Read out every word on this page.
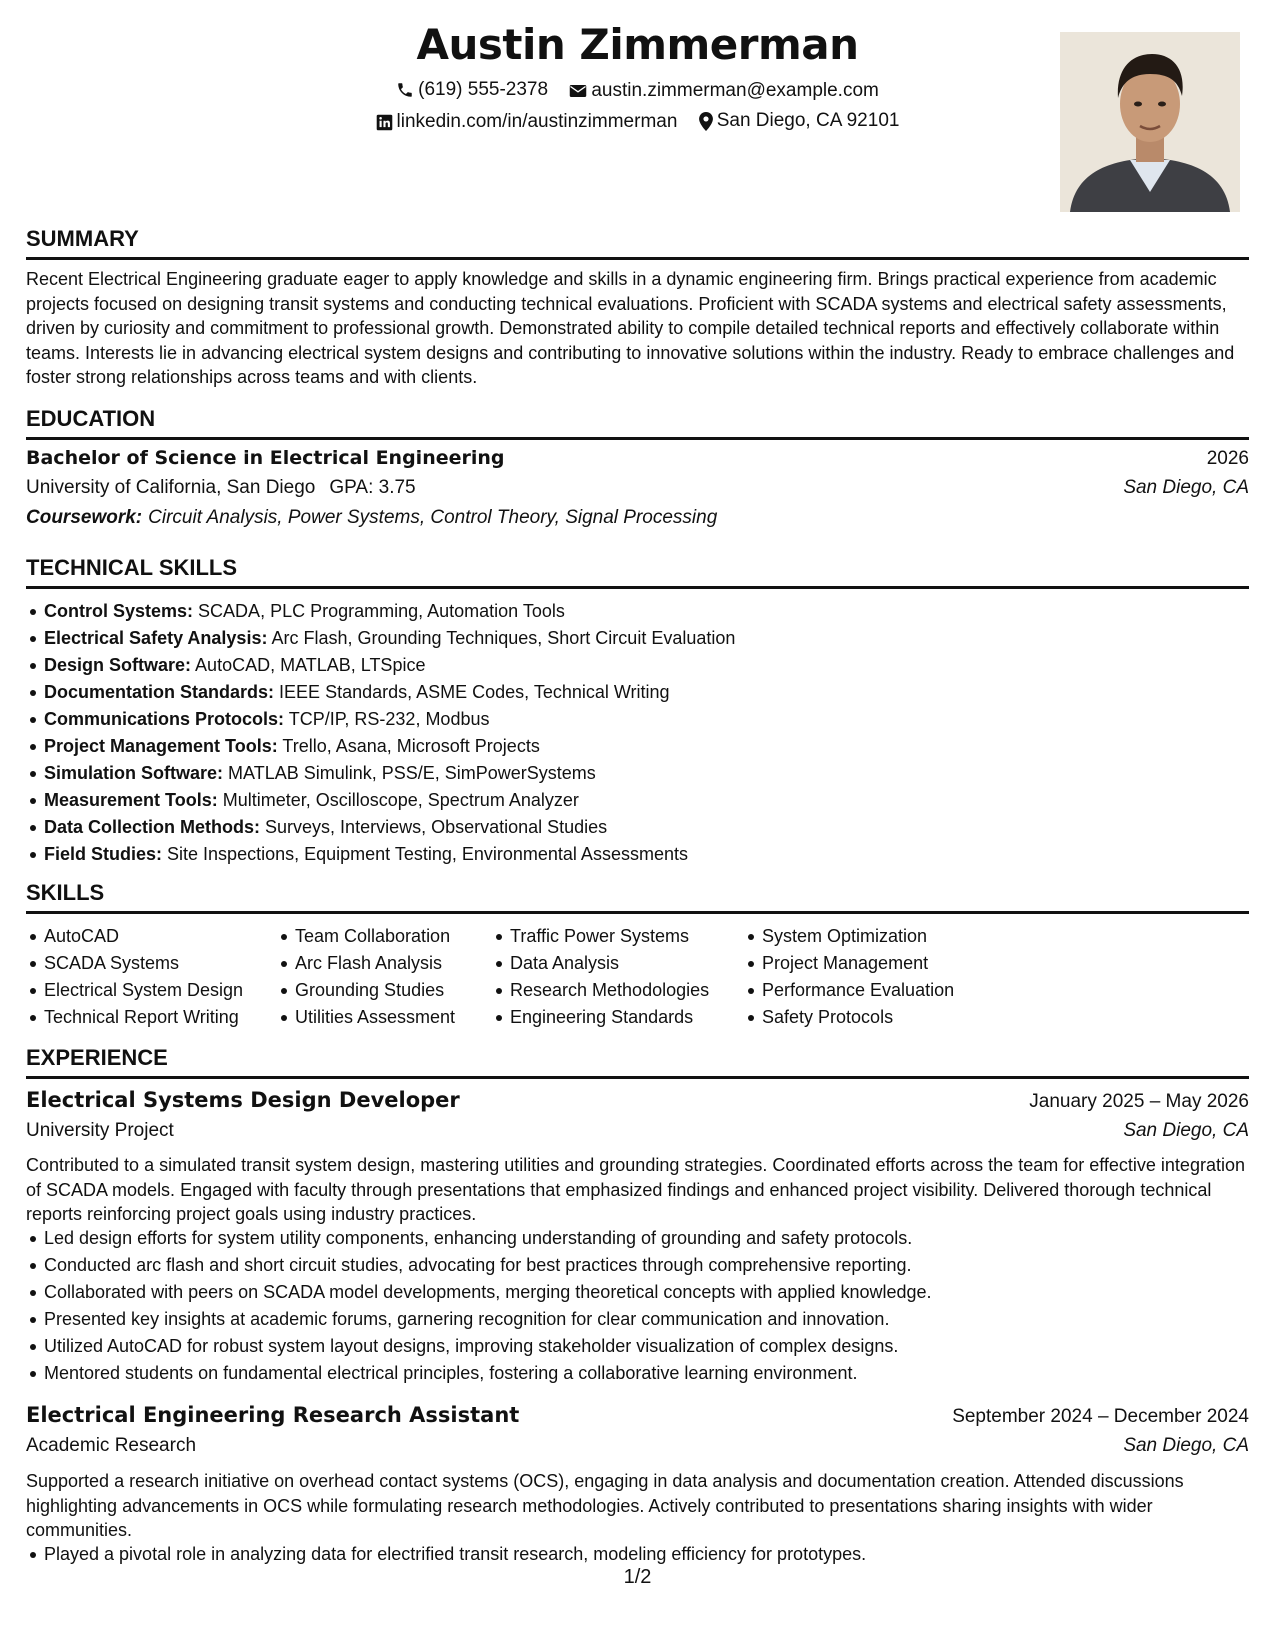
Austin Zimmerman
(619) 555-2378
austin.zimmerman@example.com
linkedin.com/in/austinzimmerman
San Diego, CA 92101
SUMMARY
Recent Electrical Engineering graduate eager to apply knowledge and skills in a dynamic engineering firm. Brings practical experience from academic projects focused on designing transit systems and conducting technical evaluations. Proficient with SCADA systems and electrical safety assessments, driven by curiosity and commitment to professional growth. Demonstrated ability to compile detailed technical reports and effectively collaborate within teams. Interests lie in advancing electrical system designs and contributing to innovative solutions within the industry. Ready to embrace challenges and foster strong relationships across teams and with clients.
EDUCATION
Bachelor of Science in Electrical Engineering	2026
University of California, San Diego GPA: 3.75	San Diego, CA
Coursework: Circuit Analysis, Power Systems, Control Theory, Signal Processing
TECHNICAL SKILLS
Control Systems: SCADA, PLC Programming, Automation Tools
Electrical Safety Analysis: Arc Flash, Grounding Techniques, Short Circuit Evaluation
Design Software: AutoCAD, MATLAB, LTSpice
Documentation Standards: IEEE Standards, ASME Codes, Technical Writing
Communications Protocols: TCP/IP, RS-232, Modbus
Project Management Tools: Trello, Asana, Microsoft Projects
Simulation Software: MATLAB Simulink, PSS/E, SimPowerSystems
Measurement Tools: Multimeter, Oscilloscope, Spectrum Analyzer
Data Collection Methods: Surveys, Interviews, Observational Studies
Field Studies: Site Inspections, Equipment Testing, Environmental Assessments
SKILLS
AutoCAD
SCADA Systems
Electrical System Design
Technical Report Writing
Team Collaboration
Arc Flash Analysis
Grounding Studies
Utilities Assessment
Traffic Power Systems
Data Analysis
Research Methodologies
Engineering Standards
System Optimization
Project Management
Performance Evaluation
Safety Protocols
EXPERIENCE
Electrical Systems Design Developer	January 2025 – May 2026
University Project	San Diego, CA
Contributed to a simulated transit system design, mastering utilities and grounding strategies. Coordinated efforts across the team for effective integration of SCADA models. Engaged with faculty through presentations that emphasized findings and enhanced project visibility. Delivered thorough technical reports reinforcing project goals using industry practices.
Led design efforts for system utility components, enhancing understanding of grounding and safety protocols.
Conducted arc flash and short circuit studies, advocating for best practices through comprehensive reporting.
Collaborated with peers on SCADA model developments, merging theoretical concepts with applied knowledge.
Presented key insights at academic forums, garnering recognition for clear communication and innovation.
Utilized AutoCAD for robust system layout designs, improving stakeholder visualization of complex designs.
Mentored students on fundamental electrical principles, fostering a collaborative learning environment.
Electrical Engineering Research Assistant	September 2024 – December 2024
Academic Research	San Diego, CA
Supported a research initiative on overhead contact systems (OCS), engaging in data analysis and documentation creation. Attended discussions highlighting advancements in OCS while formulating research methodologies. Actively contributed to presentations sharing insights with wider communities.
Played a pivotal role in analyzing data for electrified transit research, modeling efficiency for prototypes.
1/2
